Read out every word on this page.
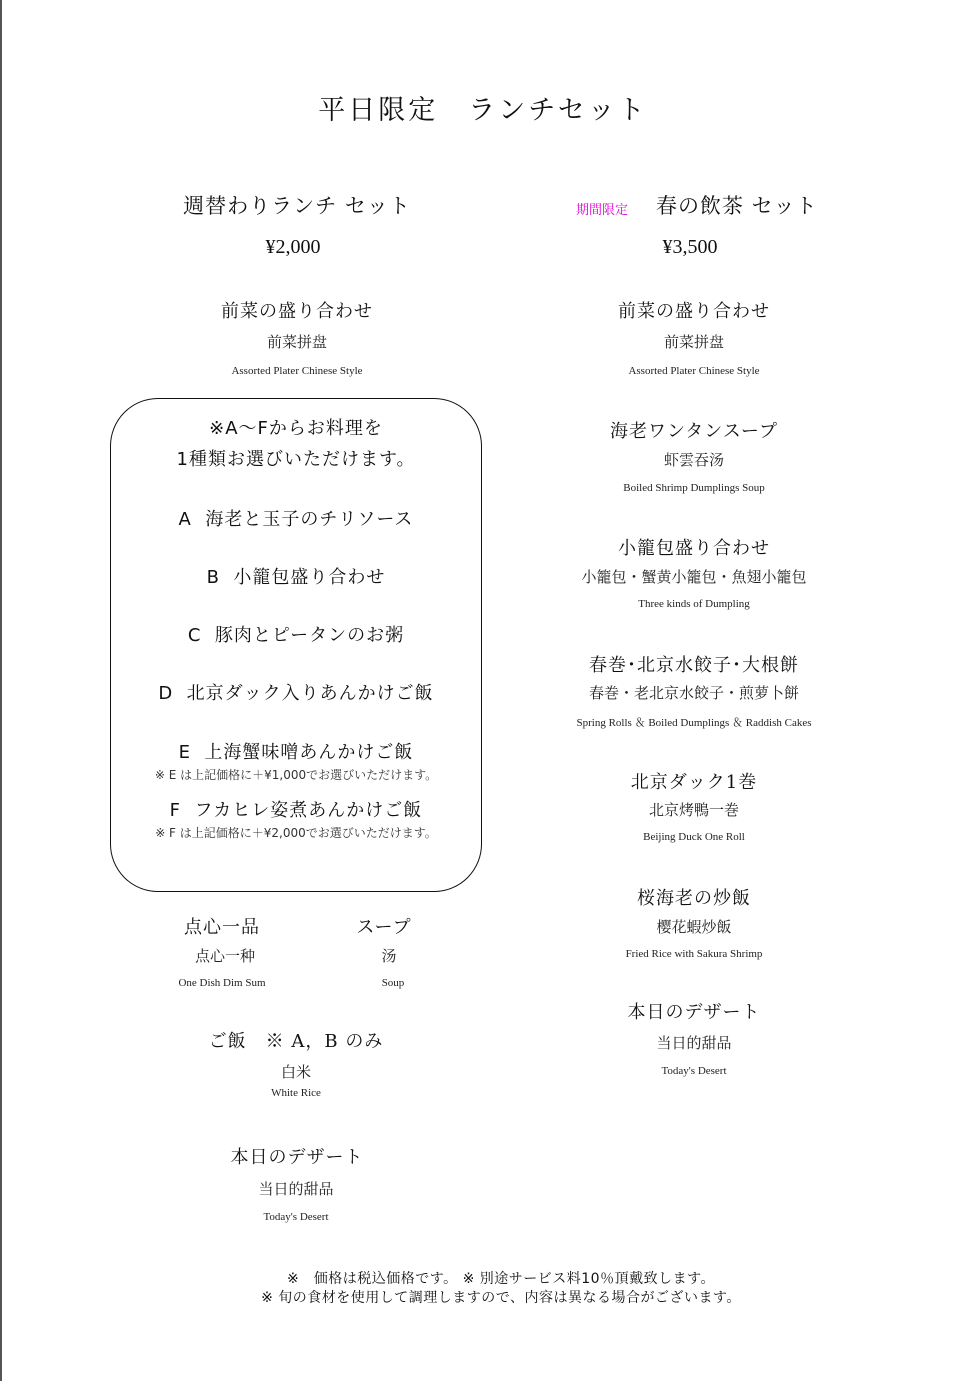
平日限定　ランチセット
週替わりランチ セット
¥2,000
前菜の盛り合わせ
前菜拼盘
Assorted Plater Chinese Style
※A〜Fからお料理を
1種類お選びいただけます。
A 海老と玉子のチリソース
B 小籠包盛り合わせ
C 豚肉とピータンのお粥
D 北京ダック入りあんかけご飯
E 上海蟹味噌あんかけご飯
※ E は上記価格に＋¥1,000でお選びいただけます。
F フカヒレ姿煮あんかけご飯
※ F は上記価格に＋¥2,000でお選びいただけます。
点心一品
点心一种
One Dish Dim Sum
スープ
汤
Soup
ご飯　※ A，B のみ
白米
White Rice
本日のデザート
当日的甜品
Today's Desert
期間限定 春の飲茶 セット
¥3,500
前菜の盛り合わせ
前菜拼盘
Assorted Plater Chinese Style
海老ワンタンスープ
虾雲吞汤
Boiled Shrimp Dumplings Soup
小籠包盛り合わせ
小籠包・蟹黄小籠包・魚翅小籠包
Three kinds of Dumpling
春巻･北京水餃子･大根餅
春巻・老北京水餃子・煎萝卜餅
Spring Rolls ＆ Boiled Dumplings ＆ Raddish Cakes
北京ダック1巻
北京烤鴨一巻
Beijing Duck One Roll
桜海老の炒飯
樱花蝦炒飯
Fried Rice with Sakura Shrimp
本日のデザート
当日的甜品
Today's Desert
※　価格は税込価格です。 ※ 別途サービス料10％頂戴致します。
※ 旬の食材を使用して調理しますので、内容は異なる場合がございます。
